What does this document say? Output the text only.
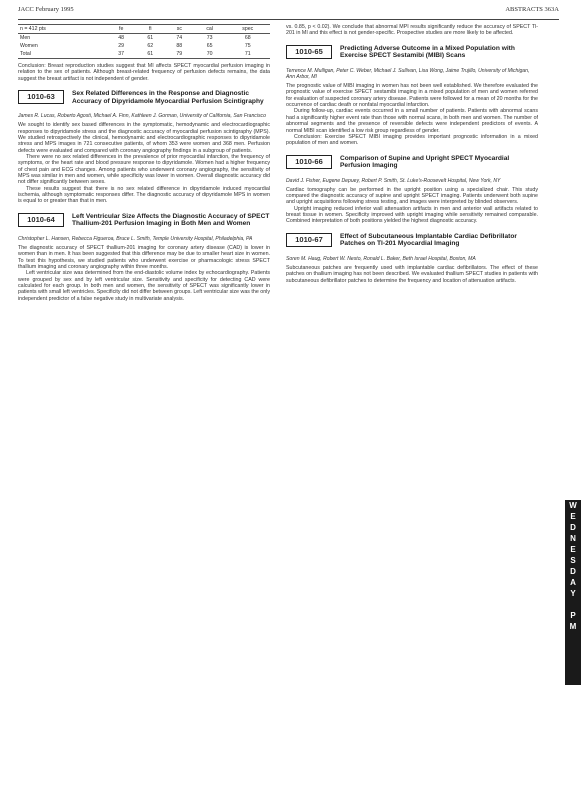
JACC February 1995	ABSTRACTS 363A
n = 412 pts	fe	fi	sc	cal	spec
Men	48	61	74	73	68
Women	29	62	88	65	75
Total	37	61	79	70	71

Conclusion: Breast reproduction studies suggest that MI affects SPECT myocardial perfusion imaging in relation to the sex of patients. Although breast-related frequency of perfusion defects remains, the data suggest the breast artifact is not independent of gender.

1010-63	Sex Related Differences in the Response and Diagnostic Accuracy of Dipyridamole Myocardial Perfusion Scintigraphy

James R. Lucas, Roberto Agosti, Michael A. Finn, Kathleen J. Gorman, University of California, San Francisco

We sought to identify sex based differences in the symptomatic, hemodynamic and electrocardiographic responses to dipyridamole stress and the diagnostic accuracy of myocardial perfusion scintigraphy (MPS). We studied retrospectively the clinical, hemodynamic and electrocardiographic responses to dipyridamole stress and MPS images in 721 consecutive patients, of whom 353 were women and 368 men. Perfusion defects were evaluated and compared with coronary angiography findings in a subgroup of patients.

There were no sex related differences in the prevalence of prior myocardial infarction, the frequency of symptoms, or the heart rate and blood pressure response to dipyridamole. Women had a higher frequency of chest pain and ECG changes. Among patients who underwent coronary angiography, the sensitivity of MPS was similar in men and women, while specificity was lower in women. Overall diagnostic accuracy did not differ significantly between sexes.

These results suggest that there is no sex related difference in dipyridamole induced myocardial ischemia, although symptomatic responses differ. The diagnostic accuracy of dipyridamole MPS in women is equal to or greater than that in men.

1010-64	Left Ventricular Size Affects the Diagnostic Accuracy of SPECT Thallium-201 Perfusion Imaging in Both Men and Women

Christopher L. Hansen, Rebecca Figueroa, Bruce L. Smith, Temple University Hospital, Philadelphia, PA

The diagnostic accuracy of SPECT thallium-201 imaging for coronary artery disease (CAD) is lower in women than in men. It has been suggested that this difference may be due to smaller heart size in women. To test this hypothesis, we studied patients who underwent exercise or pharmacologic stress SPECT thallium imaging and coronary angiography within three months.

Left ventricular size was determined from the end-diastolic volume index by echocardiography. Patients were grouped by sex and by left ventricular size. Sensitivity and specificity for detecting CAD were calculated for each group. In both men and women, the sensitivity of SPECT was significantly lower in patients with small left ventricles. Specificity did not differ between groups. Left ventricular size was the only independent predictor of a false negative study in multivariate analysis.

vs. 0.85, p < 0.02). We conclude that abnormal MPI results significantly reduce the accuracy of SPECT Tl-201 in MI and this effect is not gender-specific. Prospective studies are more likely to be affected.

1010-65	Predicting Adverse Outcome in a Mixed Population with Exercise SPECT Sestamibi (MIBI) Scans

Terrence M. Mulligan, Peter C. Weber, Michael J. Sullivan, Lisa Wong, Jaime Trujillo, University of Michigan, Ann Arbor, MI

The prognostic value of MIBI imaging in women has not been well established. We therefore evaluated the prognostic value of exercise SPECT sestamibi imaging in a mixed population of men and women referred for evaluation of suspected coronary artery disease. Patients were followed for a mean of 20 months for the occurrence of cardiac death or nonfatal myocardial infarction.

During follow-up, cardiac events occurred in a small number of patients. Patients with abnormal scans had a significantly higher event rate than those with normal scans, in both men and women. The number of abnormal segments and the presence of reversible defects were independent predictors of events. A normal MIBI scan identified a low risk group regardless of gender.

Conclusion: Exercise SPECT MIBI imaging provides important prognostic information in a mixed population of men and women.

1010-66	Comparison of Supine and Upright SPECT Myocardial Perfusion Imaging

David J. Fisher, Eugene Depuey, Robert P. Smith, St. Luke's-Roosevelt Hospital, New York, NY

Cardiac tomography can be performed in the upright position using a specialized chair. This study compared the diagnostic accuracy of supine and upright SPECT imaging. Patients underwent both supine and upright acquisitions following stress testing, and images were interpreted by blinded observers.

Upright imaging reduced inferior wall attenuation artifacts in men and anterior wall artifacts related to breast tissue in women. Specificity improved with upright imaging while sensitivity remained comparable. Combined interpretation of both positions yielded the highest diagnostic accuracy.

1010-67	Effect of Subcutaneous Implantable Cardiac Defibrillator Patches on Tl-201 Myocardial Imaging

Soren M. Haug, Robert W. Nesto, Ronald L. Baker, Beth Israel Hospital, Boston, MA

Subcutaneous patches are frequently used with implantable cardiac defibrillators. The effect of these patches on thallium imaging has not been described. We evaluated thallium SPECT studies in patients with subcutaneous defibrillator patches to determine the frequency and location of attenuation artifacts.

W
E
D
N
E
S
D
A
Y

P
M
